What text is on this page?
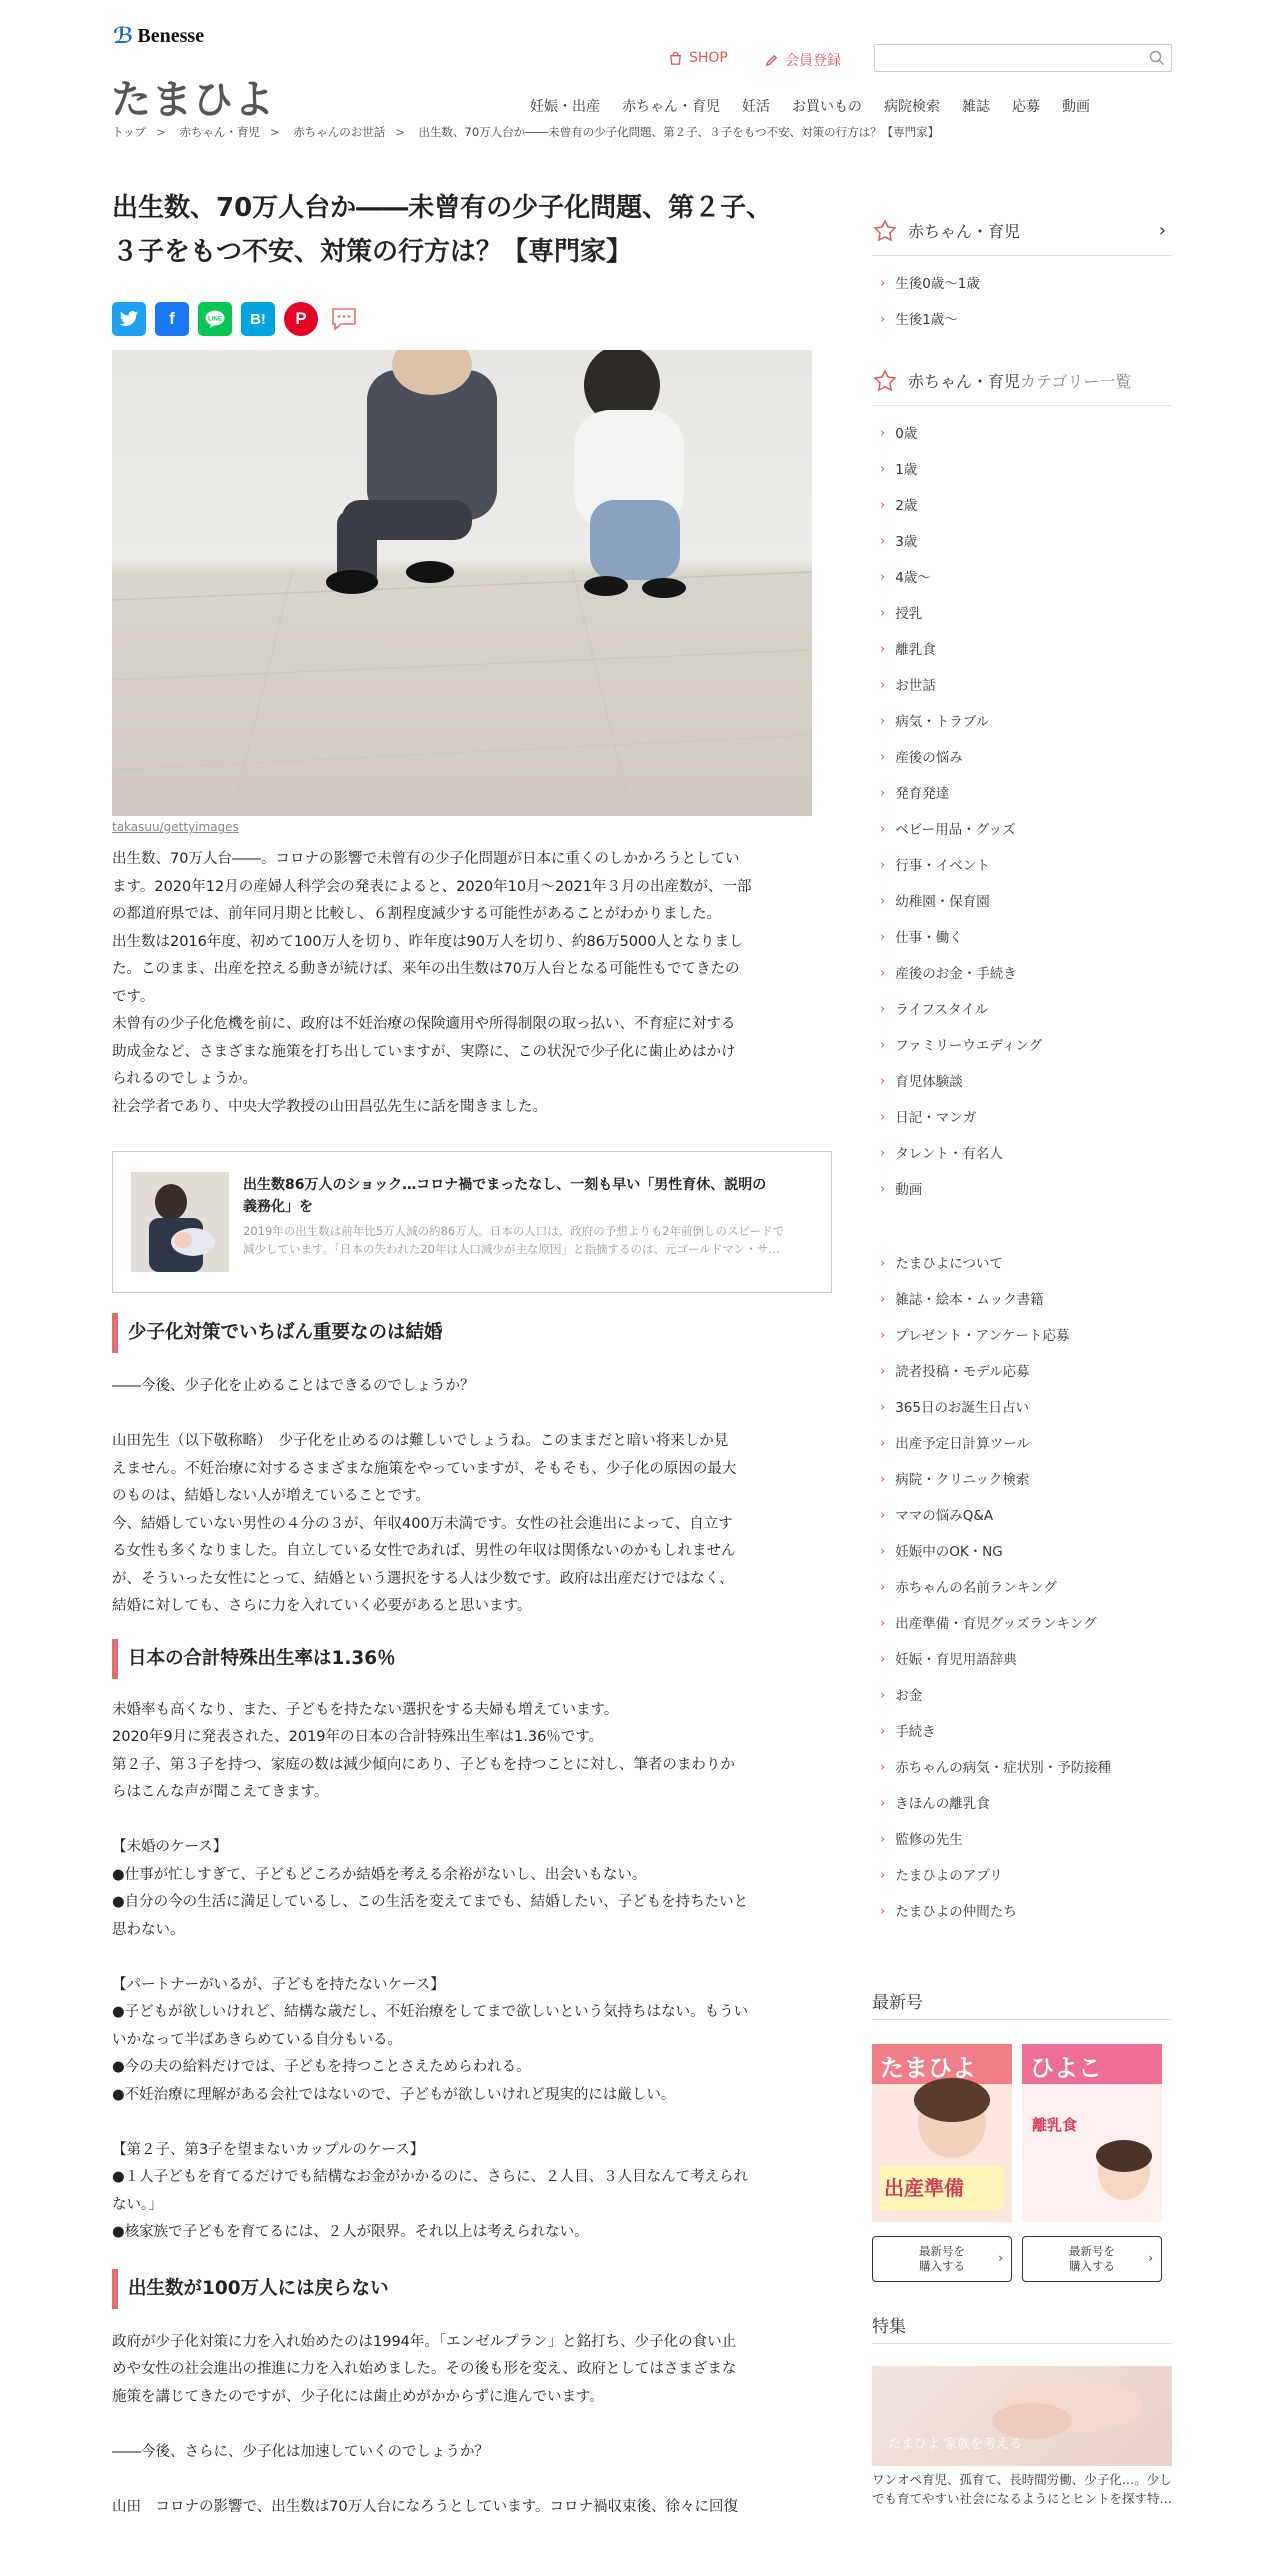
ℬ Benesse
たまひよ
SHOP	会員登録
妊娠・出産 赤ちゃん・育児 妊活 お買いもの 病院検索 雑誌 応募 動画
トップ > 赤ちゃん・育児 > 赤ちゃんのお世話 > 出生数、70万人台か――未曾有の少子化問題、第２子、３子をもつ不安、対策の行方は？【専門家】
出生数、70万人台か――未曾有の少子化問題、第２子、
３子をもつ不安、対策の行方は？【専門家】
f	LINE B! P
takasuu/gettyimages

出生数、70万人台――。コロナの影響で未曾有の少子化問題が日本に重くのしかかろうとしてい

ます。2020年12月の産婦人科学会の発表によると、2020年10月～2021年３月の出産数が、一部

の都道府県では、前年同月期と比較し、６割程度減少する可能性があることがわかりました。

出生数は2016年度、初めて100万人を切り、昨年度は90万人を切り、約86万5000人となりまし

た。このまま、出産を控える動きが続けば、来年の出生数は70万人台となる可能性もでてきたの

です。

未曾有の少子化危機を前に、政府は不妊治療の保険適用や所得制限の取っ払い、不育症に対する

助成金など、さまざまな施策を打ち出していますが、実際に、この状況で少子化に歯止めはかけ

られるのでしょうか。

社会学者であり、中央大学教授の山田昌弘先生に話を聞きました。

出生数86万人のショック…コロナ禍でまったなし、一刻も早い「男性育休、説明の
義務化」を
2019年の出生数は前年比5万人減の約86万人。日本の人口は、政府の予想よりも2年前倒しのスピードで
減少しています。「日本の失われた20年は人口減少が主な原因」と指摘するのは、元ゴールドマン・サ…
少子化対策でいちばん重要なのは結婚

――今後、少子化を止めることはできるのでしょうか？

山田先生（以下敬称略）　少子化を止めるのは難しいでしょうね。このままだと暗い将来しか見

えません。不妊治療に対するさまざまな施策をやっていますが、そもそも、少子化の原因の最大

のものは、結婚しない人が増えていることです。

今、結婚していない男性の４分の３が、年収400万未満です。女性の社会進出によって、自立す

る女性も多くなりました。自立している女性であれば、男性の年収は関係ないのかもしれません

が、そういった女性にとって、結婚という選択をする人は少数です。政府は出産だけではなく、

結婚に対しても、さらに力を入れていく必要があると思います。

日本の合計特殊出生率は1.36％

未婚率も高くなり、また、子どもを持たない選択をする夫婦も増えています。

2020年9月に発表された、2019年の日本の合計特殊出生率は1.36％です。

第２子、第３子を持つ、家庭の数は減少傾向にあり、子どもを持つことに対し、筆者のまわりか

らはこんな声が聞こえてきます。

【未婚のケース】

●仕事が忙しすぎて、子どもどころか結婚を考える余裕がないし、出会いもない。

●自分の今の生活に満足しているし、この生活を変えてまでも、結婚したい、子どもを持ちたいと

思わない。

【パートナーがいるが、子どもを持たないケース】

●子どもが欲しいけれど、結構な歳だし、不妊治療をしてまで欲しいという気持ちはない。もうい

いかなって半ばあきらめている自分もいる。

●今の夫の給料だけでは、子どもを持つことさえためらわれる。

●不妊治療に理解がある会社ではないので、子どもが欲しいけれど現実的には厳しい。

【第２子、第3子を望まないカップルのケース】

●１人子どもを育てるだけでも結構なお金がかかるのに、さらに、２人目、３人目なんて考えられ

ない。」

●核家族で子どもを育てるには、２人が限界。それ以上は考えられない。

出生数が100万人には戻らない

政府が少子化対策に力を入れ始めたのは1994年。「エンゼルプラン」と銘打ち、少子化の食い止

めや女性の社会進出の推進に力を入れ始めました。その後も形を変え、政府としてはさまざまな

施策を講じてきたのですが、少子化には歯止めがかからずに進んでいます。

――今後、さらに、少子化は加速していくのでしょうか？

山田　コロナの影響で、出生数は70万人台になろうとしています。コロナ禍収束後、徐々に回復

赤ちゃん・育児	›
› 生後0歳～1歳
› 生後1歳～
赤ちゃん・育児 カテゴリー一覧
› 0歳
› 1歳
› 2歳
› 3歳
› 4歳～
› 授乳
› 離乳食
› お世話
› 病気・トラブル
› 産後の悩み
› 発育発達
› ベビー用品・グッズ
› 行事・イベント
› 幼稚園・保育園
› 仕事・働く
› 産後のお金・手続き
› ライフスタイル
› ファミリーウエディング
› 育児体験談
› 日記・マンガ
› タレント・有名人
› 動画
› たまひよについて
› 雑誌・絵本・ムック書籍
› プレゼント・アンケート応募
› 読者投稿・モデル応募
› 365日のお誕生日占い
› 出産予定日計算ツール
› 病院・クリニック検索
› ママの悩みQ&A
› 妊娠中のOK・NG
› 赤ちゃんの名前ランキング
› 出産準備・育児グッズランキング
› 妊娠・育児用語辞典
› お金
› 手続き
› 赤ちゃんの病気・症状別・予防接種
› きほんの離乳食
› 監修の先生
› たまひよのアプリ
› たまひよの仲間たち
最新号
たまひよ
出産準備
ひよこ
離乳食
最新号を
購入する
›	最新号を
購入する
›
特集
たまひよ 家族を考える
ワンオペ育児、孤育て、長時間労働、少子化…。少し
でも育てやすい社会になるようにとヒントを探す特…
